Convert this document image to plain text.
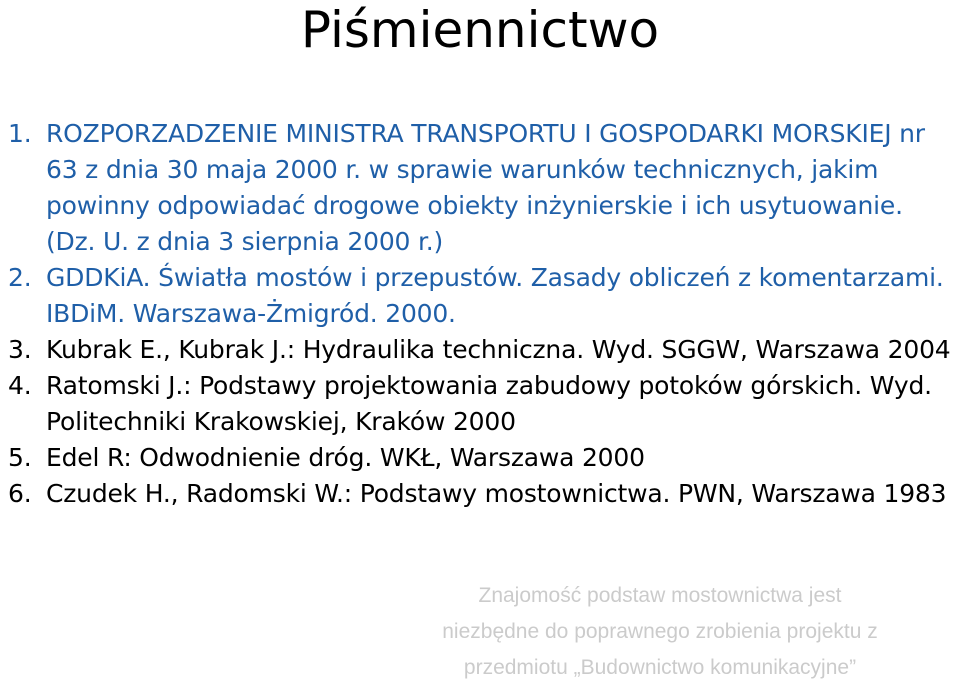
Piśmiennictwo
1. ROZPORZADZENIE MINISTRA TRANSPORTU I GOSPODARKI MORSKIEJ nr 63 z dnia 30 maja 2000 r. w sprawie warunków technicznych, jakim powinny odpowiadać drogowe obiekty inżynierskie i ich usytuowanie. (Dz. U. z dnia 3 sierpnia 2000 r.)
2. GDDKiA. Światła mostów i przepustów. Zasady obliczeń z komentarzami. IBDiM. Warszawa-Żmigród. 2000.
3. Kubrak E., Kubrak J.: Hydraulika techniczna. Wyd. SGGW, Warszawa 2004
4. Ratomski J.: Podstawy projektowania zabudowy potoków górskich. Wyd. Politechniki Krakowskiej, Kraków 2000
5. Edel R: Odwodnienie dróg. WKŁ, Warszawa 2000
6. Czudek H., Radomski W.: Podstawy mostownictwa. PWN, Warszawa 1983
Znajomość podstaw mostownictwa jest
niezbędne do poprawnego zrobienia projektu z
przedmiotu „Budownictwo komunikacyjne”
